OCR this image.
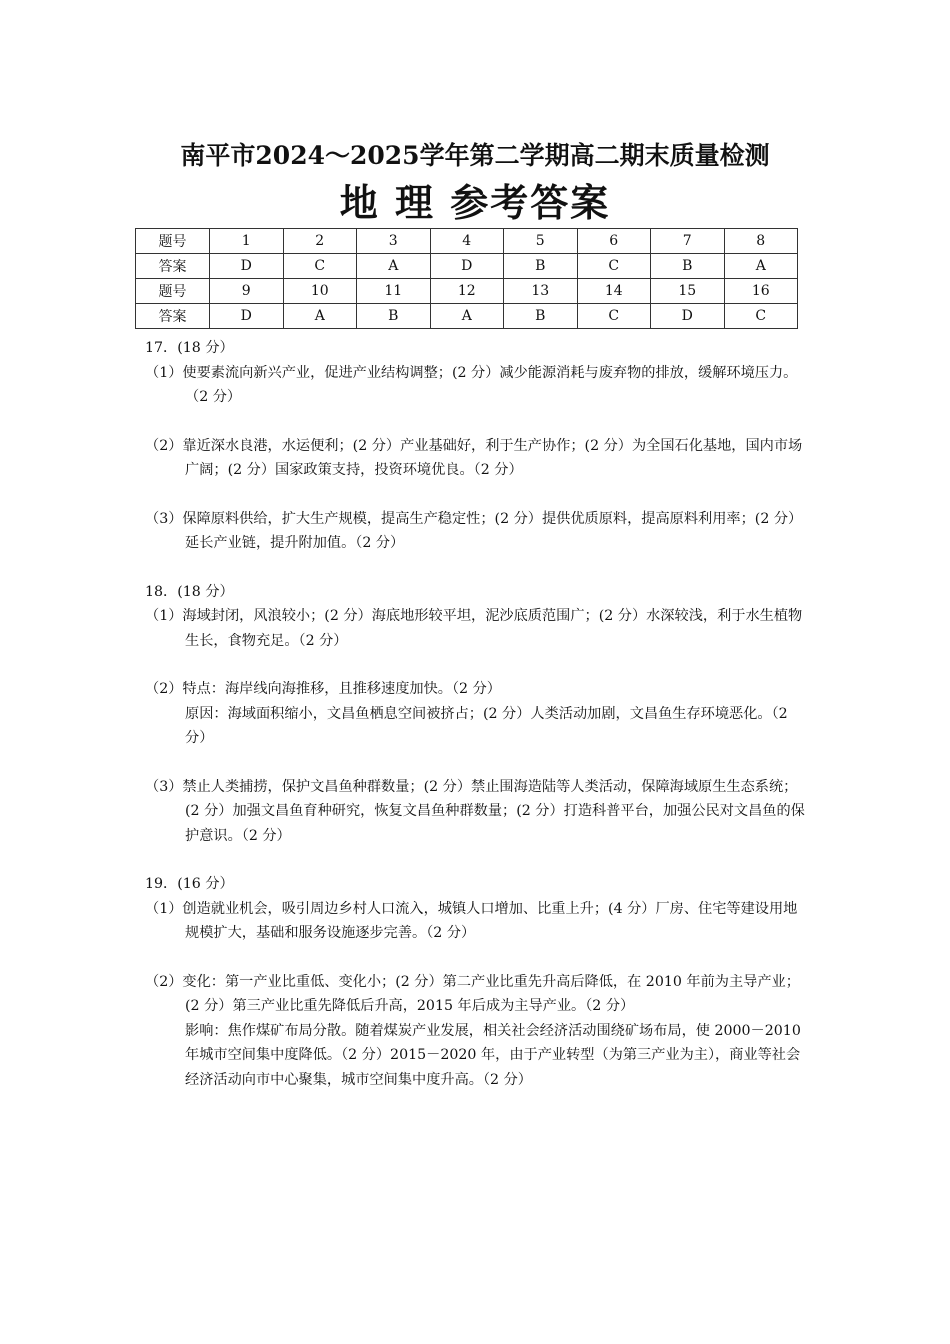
南平市2024～2025学年第二学期高二期末质量检测
地 理 参考答案
题号	1	2	3	4	5	6	7	8
答案	D	C	A	D	B	C	B	A
题号	9	10	11	12	13	14	15	16
答案	D	A	B	A	B	C	D	C

17．(18 分）

（1）使要素流向新兴产业，促进产业结构调整；(2 分）减少能源消耗与废弃物的排放，缓解环境压力。（2 分）

（2）靠近深水良港，水运便利；(2 分）产业基础好，利于生产协作；(2 分）为全国石化基地，国内市场广阔；(2 分）国家政策支持，投资环境优良。（2 分）

（3）保障原料供给，扩大生产规模，提高生产稳定性；(2 分）提供优质原料，提高原料利用率；(2 分）延长产业链，提升附加值。（2 分）

18．(18 分）

（1）海域封闭，风浪较小；(2 分）海底地形较平坦，泥沙底质范围广；(2 分）水深较浅，利于水生植物生长，食物充足。（2 分）

（2）特点：海岸线向海推移，且推移速度加快。（2 分）

原因：海域面积缩小，文昌鱼栖息空间被挤占；(2 分）人类活动加剧，文昌鱼生存环境恶化。（2 分）

（3）禁止人类捕捞，保护文昌鱼种群数量；(2 分）禁止围海造陆等人类活动，保障海域原生生态系统；(2 分）加强文昌鱼育种研究，恢复文昌鱼种群数量；(2 分）打造科普平台，加强公民对文昌鱼的保护意识。（2 分）

19．(16 分）

（1）创造就业机会，吸引周边乡村人口流入，城镇人口增加、比重上升；(4 分）厂房、住宅等建设用地规模扩大，基础和服务设施逐步完善。（2 分）

（2）变化：第一产业比重低、变化小；(2 分）第二产业比重先升高后降低，在 2010 年前为主导产业；(2 分）第三产业比重先降低后升高，2015 年后成为主导产业。（2 分）

影响：焦作煤矿布局分散。随着煤炭产业发展，相关社会经济活动围绕矿场布局，使 2000－2010 年城市空间集中度降低。（2 分）2015－2020 年，由于产业转型（为第三产业为主），商业等社会经济活动向市中心聚集，城市空间集中度升高。（2 分）
